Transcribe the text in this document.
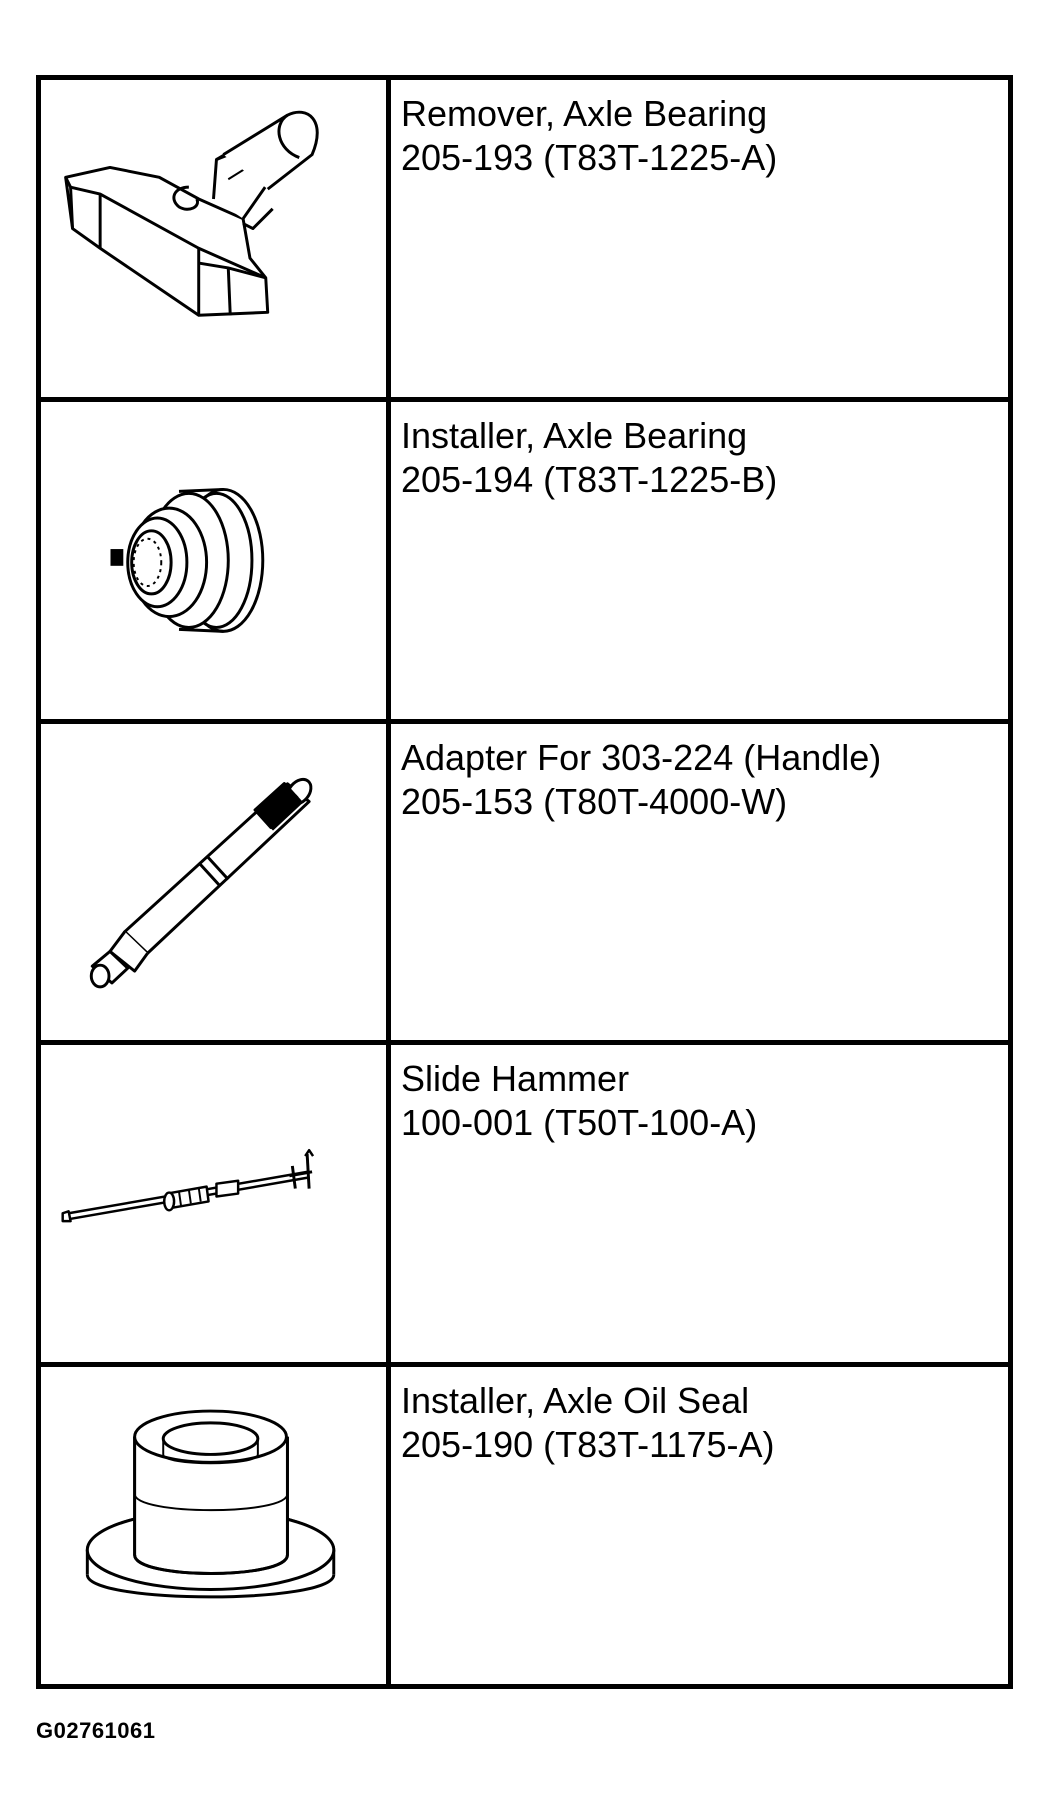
Remover, Axle Bearing
205-193 (T83T-1225-A)

Installer, Axle Bearing
205-194 (T83T-1225-B)

Adapter For 303-224 (Handle)
205-153 (T80T-4000-W)

Slide Hammer
100-001 (T50T-100-A)

Installer, Axle Oil Seal
205-190 (T83T-1175-A)
G02761061
